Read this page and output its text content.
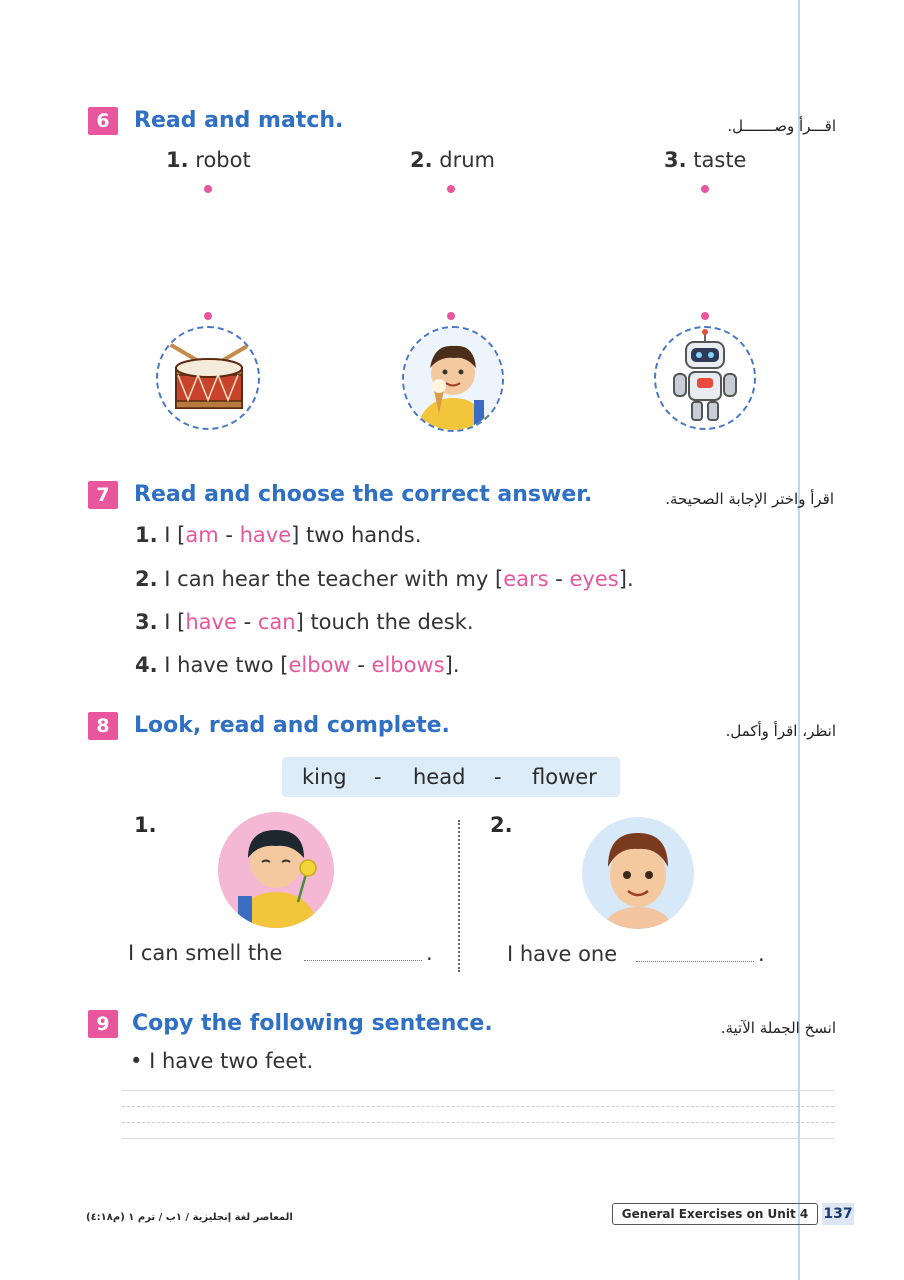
6	Read and match.	اقـــرأ وصـــــــل.
1. robot	2. drum	3. taste
7	Read and choose the correct answer.	اقرأ واختر الإجابة الصحيحة.
1. I [am - have] two hands.
2. I can hear the teacher with my [ears - eyes].
3. I [have - can] touch the desk.
4. I have two [elbow - elbows].
8	Look, read and complete.	انظر، اقرأ وأكمل.
king - head - flower
1.	2.
I can smell the	.	I have one	.
9	Copy the following sentence.	انسخ الجملة الآتية.
• I have two feet.
المعاصر لغة إنجليزية / ١ب / ترم ١ (م٤:١٨)	General Exercises on Unit 4	137
